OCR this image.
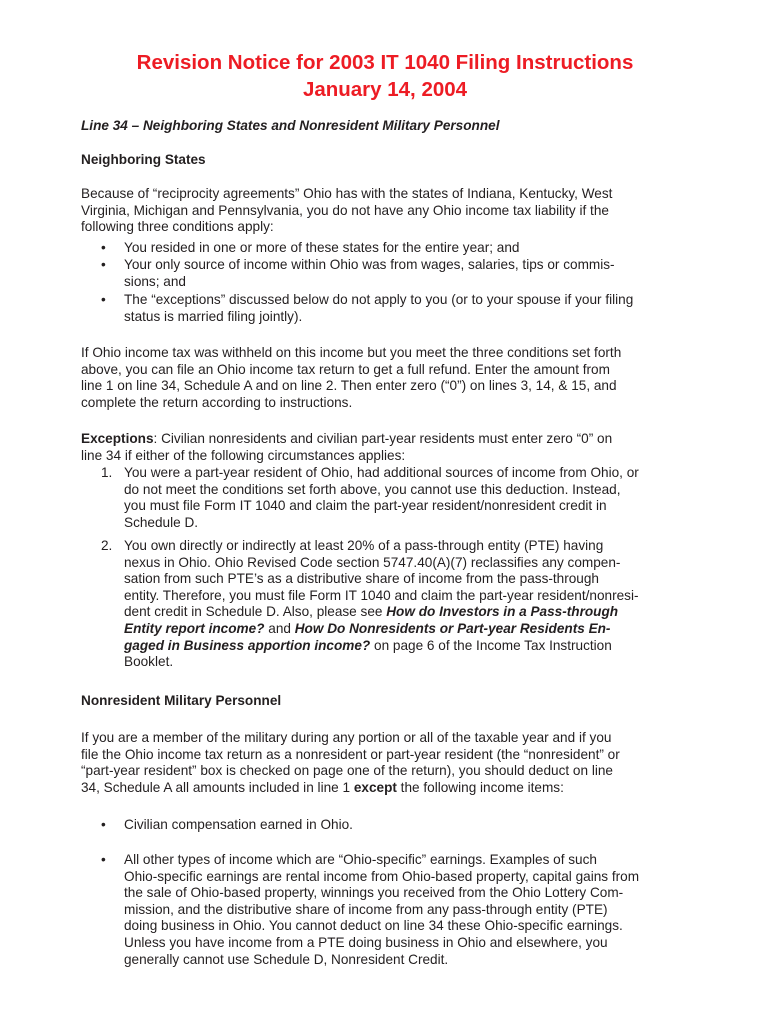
Revision Notice for 2003 IT 1040 Filing Instructions
January 14, 2004
Line 34 – Neighboring States and Nonresident Military Personnel
Neighboring States
Because of “reciprocity agreements” Ohio has with the states of Indiana, Kentucky, West
Virginia, Michigan and Pennsylvania, you do not have any Ohio income tax liability if the
following three conditions apply:
• You resided in one or more of these states for the entire year; and
• Your only source of income within Ohio was from wages, salaries, tips or commis-
sions; and
• The “exceptions” discussed below do not apply to you (or to your spouse if your filing
status is married filing jointly).
If Ohio income tax was withheld on this income but you meet the three conditions set forth
above, you can file an Ohio income tax return to get a full refund. Enter the amount from
line 1 on line 34, Schedule A and on line 2. Then enter zero (“0”) on lines 3, 14, & 15, and
complete the return according to instructions.
Exceptions: Civilian nonresidents and civilian part-year residents must enter zero “0” on
line 34 if either of the following circumstances applies:
1. You were a part-year resident of Ohio, had additional sources of income from Ohio, or
do not meet the conditions set forth above, you cannot use this deduction. Instead,
you must file Form IT 1040 and claim the part-year resident/nonresident credit in
Schedule D.
2. You own directly or indirectly at least 20% of a pass-through entity (PTE) having
nexus in Ohio. Ohio Revised Code section 5747.40(A)(7) reclassifies any compen-
sation from such PTE’s as a distributive share of income from the pass-through
entity. Therefore, you must file Form IT 1040 and claim the part-year resident/nonresi-
dent credit in Schedule D. Also, please see How do Investors in a Pass-through
Entity report income? and How Do Nonresidents or Part-year Residents En-
gaged in Business apportion income? on page 6 of the Income Tax Instruction
Booklet.
Nonresident Military Personnel
If you are a member of the military during any portion or all of the taxable year and if you
file the Ohio income tax return as a nonresident or part-year resident (the “nonresident” or
“part-year resident” box is checked on page one of the return), you should deduct on line
34, Schedule A all amounts included in line 1 except the following income items:
• Civilian compensation earned in Ohio.
• All other types of income which are “Ohio-specific” earnings. Examples of such
Ohio-specific earnings are rental income from Ohio-based property, capital gains from
the sale of Ohio-based property, winnings you received from the Ohio Lottery Com-
mission, and the distributive share of income from any pass-through entity (PTE)
doing business in Ohio. You cannot deduct on line 34 these Ohio-specific earnings.
Unless you have income from a PTE doing business in Ohio and elsewhere, you
generally cannot use Schedule D, Nonresident Credit.
